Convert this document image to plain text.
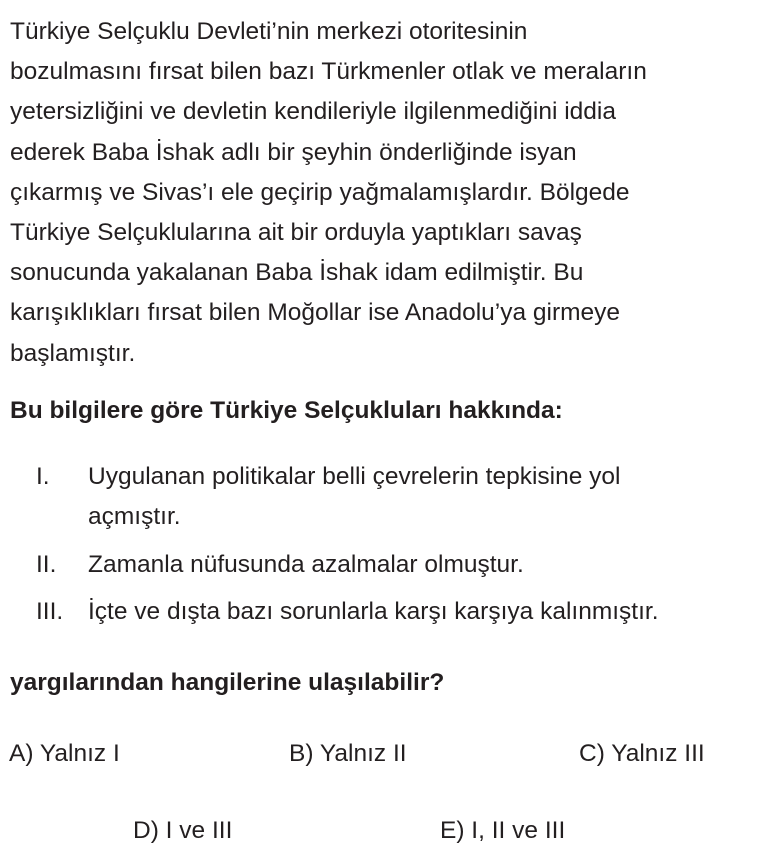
Türkiye Selçuklu Devleti’nin merkezi otoritesinin
bozulmasını fırsat bilen bazı Türkmenler otlak ve meraların
yetersizliğini ve devletin kendileriyle ilgilenmediğini iddia
ederek Baba İshak adlı bir şeyhin önderliğinde isyan
çıkarmış ve Sivas’ı ele geçirip yağmalamışlardır. Bölgede
Türkiye Selçuklularına ait bir orduyla yaptıkları savaş
sonucunda yakalanan Baba İshak idam edilmiştir. Bu
karışıklıkları fırsat bilen Moğollar ise Anadolu’ya girmeye
başlamıştır.
Bu bilgilere göre Türkiye Selçukluları hakkında:
I. Uygulanan politikalar belli çevrelerin tepkisine yol
açmıştır.
II. Zamanla nüfusunda azalmalar olmuştur.
III. İçte ve dışta bazı sorunlarla karşı karşıya kalınmıştır.
yargılarından hangilerine ulaşılabilir?
A) Yalnız I	B) Yalnız II	C) Yalnız III
D) I ve III	E) I, II ve III
